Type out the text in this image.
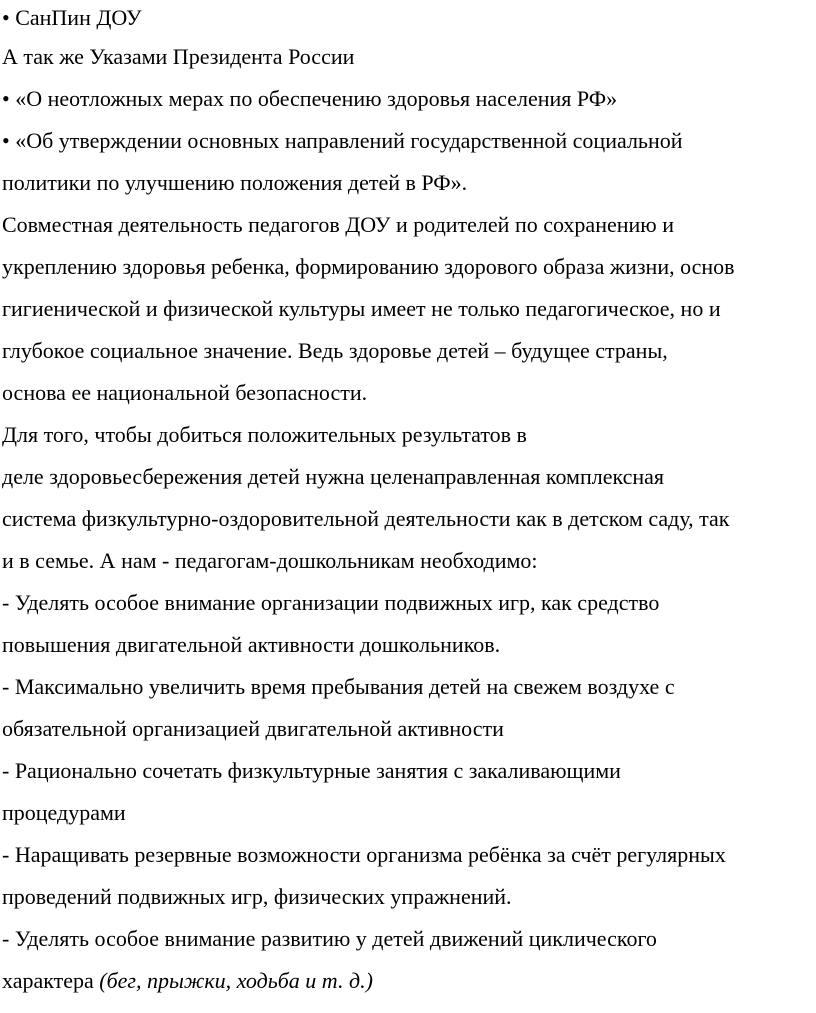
• СанПин ДОУ
А так же Указами Президента России
• «О неотложных мерах по обеспечению здоровья населения РФ»
• «Об утверждении основных направлений государственной социальной
политики по улучшению положения детей в РФ».
Совместная деятельность педагогов ДОУ и родителей по сохранению и
укреплению здоровья ребенка, формированию здорового образа жизни, основ
гигиенической и физической культуры имеет не только педагогическое, но и
глубокое социальное значение. Ведь здоровье детей – будущее страны,
основа ее национальной безопасности.
Для того, чтобы добиться положительных результатов в
деле здоровьесбережения детей нужна целенаправленная комплексная
система физкультурно-оздоровительной деятельности как в детском саду, так
и в семье. А нам - педагогам-дошкольникам необходимо:
- Уделять особое внимание организации подвижных игр, как средство
повышения двигательной активности дошкольников.
- Максимально увеличить время пребывания детей на свежем воздухе с
обязательной организацией двигательной активности
- Рационально сочетать физкультурные занятия с закаливающими
процедурами
- Наращивать резервные возможности организма ребёнка за счёт регулярных
проведений подвижных игр, физических упражнений.
- Уделять особое внимание развитию у детей движений циклического
характера (бег, прыжки, ходьба и т. д.)
